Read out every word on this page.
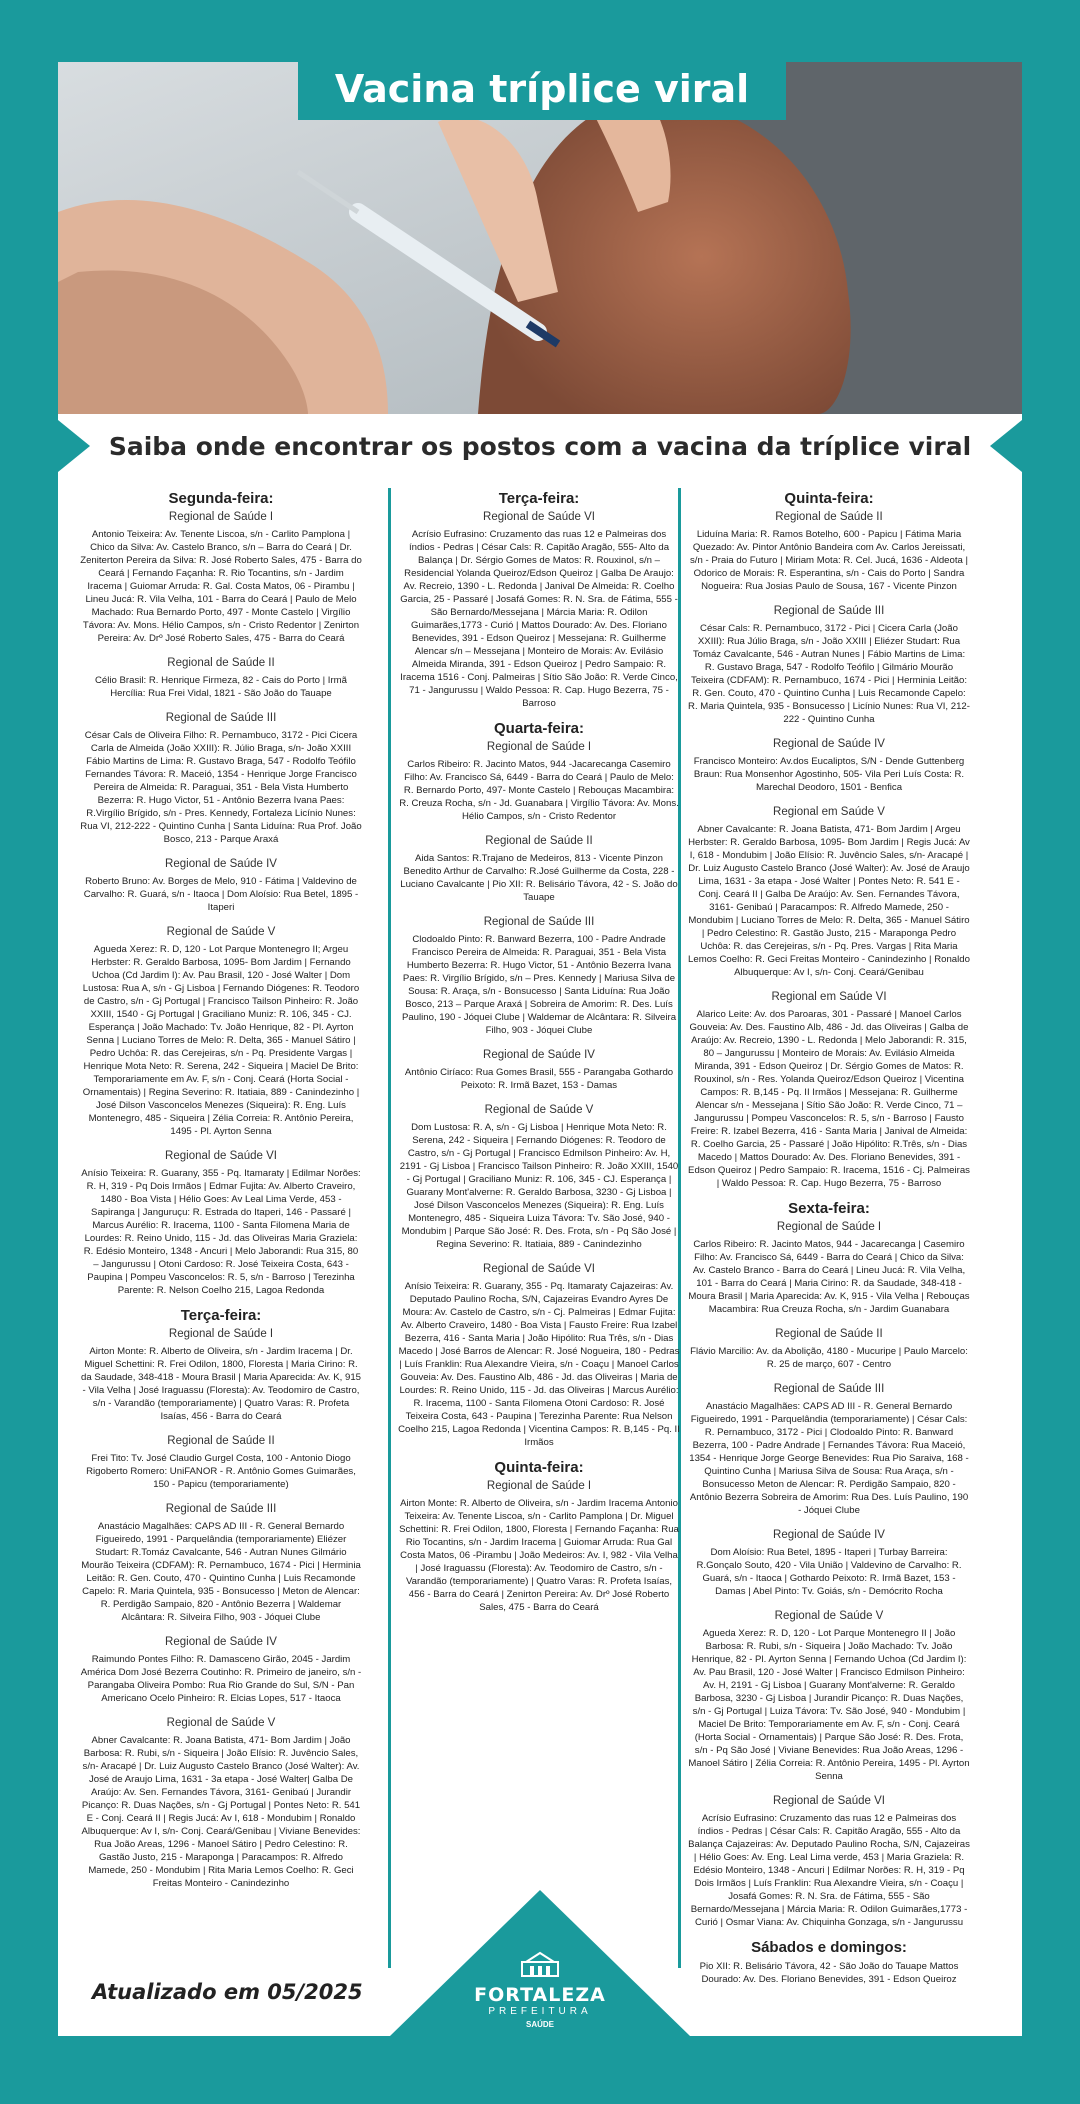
Vacina tríplice viral
Saiba onde encontrar os postos com a vacina da tríplice viral
Segunda-feira:
Regional de Saúde I
Antonio Teixeira: Av. Tenente Liscoa, s/n - Carlito Pamplona | Chico da Silva: Av. Castelo Branco, s/n – Barra do Ceará | Dr. Zeniterton Pereira da Silva: R. José Roberto Sales, 475 - Barra do Ceará | Fernando Façanha: R. Rio Tocantins, s/n - Jardim Iracema | Guiomar Arruda: R. Gal. Costa Matos, 06 - Pirambu | Lineu Jucá: R. Vila Velha, 101 - Barra do Ceará | Paulo de Melo Machado: Rua Bernardo Porto, 497 - Monte Castelo | Virgílio Távora: Av. Mons. Hélio Campos, s/n - Cristo Redentor | Zenirton Pereira: Av. Drº José Roberto Sales, 475 - Barra do Ceará
Regional de Saúde II
Célio Brasil: R. Henrique Firmeza, 82 - Cais do Porto | Irmã Hercília: Rua Frei Vidal, 1821 - São João do Tauape
Regional de Saúde III
César Cals de Oliveira Filho: R. Pernambuco, 3172 - Pici Cicera Carla de Almeida (João XXIII): R. Júlio Braga, s/n- João XXIII Fábio Martins de Lima: R. Gustavo Braga, 547 - Rodolfo Teófilo Fernandes Távora: R. Maceió, 1354 - Henrique Jorge Francisco Pereira de Almeida: R. Paraguai, 351 - Bela Vista Humberto Bezerra: R. Hugo Victor, 51 - Antônio Bezerra Ivana Paes: R.Virgílio Brígido, s/n - Pres. Kennedy, Fortaleza Licínio Nunes: Rua VI, 212-222 - Quintino Cunha | Santa Liduína: Rua Prof. João Bosco, 213 - Parque Araxá
Regional de Saúde IV
Roberto Bruno: Av. Borges de Melo, 910 - Fátima | Valdevino de Carvalho: R. Guará, s/n - Itaoca | Dom Aloísio: Rua Betel, 1895 - Itaperi
Regional de Saúde V
Agueda Xerez: R. D, 120 - Lot Parque Montenegro II; Argeu Herbster: R. Geraldo Barbosa, 1095- Bom Jardim | Fernando Uchoa (Cd Jardim I): Av. Pau Brasil, 120 - José Walter | Dom Lustosa: Rua A, s/n - Gj Lisboa | Fernando Diógenes: R. Teodoro de Castro, s/n - Gj Portugal | Francisco Tailson Pinheiro: R. João XXIII, 1540 - Gj Portugal | Graciliano Muniz: R. 106, 345 - CJ. Esperança | João Machado: Tv. João Henrique, 82 - Pl. Ayrton Senna | Luciano Torres de Melo: R. Delta, 365 - Manuel Sátiro | Pedro Uchôa: R. das Cerejeiras, s/n - Pq. Presidente Vargas | Henrique Mota Neto: R. Serena, 242 - Siqueira | Maciel De Brito: Temporariamente em Av. F, s/n - Conj. Ceará (Horta Social - Ornamentais) | Regina Severino: R. Itatiaia, 889 - Canindezinho | José Dilson Vasconcelos Menezes (Siqueira): R. Eng. Luís Montenegro, 485 - Siqueira | Zélia Correia: R. Antônio Pereira, 1495 - Pl. Ayrton Senna
Regional de Saúde VI
Anísio Teixeira: R. Guarany, 355 - Pq. Itamaraty | Edilmar Norões: R. H, 319 - Pq Dois Irmãos | Edmar Fujita: Av. Alberto Craveiro, 1480 - Boa Vista | Hélio Goes: Av Leal Lima Verde, 453 - Sapiranga | Janguruçu: R. Estrada do Itaperi, 146 - Passaré | Marcus Aurélio: R. Iracema, 1100 - Santa Filomena Maria de Lourdes: R. Reino Unido, 115 - Jd. das Oliveiras Maria Graziela: R. Edésio Monteiro, 1348 - Ancuri | Melo Jaborandi: Rua 315, 80 – Jangurussu | Otoni Cardoso: R. José Teixeira Costa, 643 - Paupina | Pompeu Vasconcelos: R. 5, s/n - Barroso | Terezinha Parente: R. Nelson Coelho 215, Lagoa Redonda
Terça-feira:
Regional de Saúde I
Airton Monte: R. Alberto de Oliveira, s/n - Jardim Iracema | Dr. Miguel Schettini: R. Frei Odilon, 1800, Floresta | Maria Cirino: R. da Saudade, 348-418 - Moura Brasil | Maria Aparecida: Av. K, 915 - Vila Velha | José Iraguassu (Floresta): Av. Teodomiro de Castro, s/n - Varandão (temporariamente) | Quatro Varas: R. Profeta Isaías, 456 - Barra do Ceará
Regional de Saúde II
Frei Tito: Tv. José Claudio Gurgel Costa, 100 - Antonio Diogo Rigoberto Romero: UniFANOR - R. Antônio Gomes Guimarães, 150 - Papicu (temporariamente)
Regional de Saúde III
Anastácio Magalhães: CAPS AD III - R. General Bernardo Figueiredo, 1991 - Parquelândia (temporariamente) Eliézer Studart: R.Tomáz Cavalcante, 546 - Autran Nunes Gilmário Mourão Teixeira (CDFAM): R. Pernambuco, 1674 - Pici | Herminia Leitão: R. Gen. Couto, 470 - Quintino Cunha | Luis Recamonde Capelo: R. Maria Quintela, 935 - Bonsucesso | Meton de Alencar: R. Perdigão Sampaio, 820 - Antônio Bezerra | Waldemar Alcântara: R. Silveira Filho, 903 - Jóquei Clube
Regional de Saúde IV
Raimundo Pontes Filho: R. Damasceno Girão, 2045 - Jardim América Dom José Bezerra Coutinho: R. Primeiro de janeiro, s/n - Parangaba Oliveira Pombo: Rua Rio Grande do Sul, S/N - Pan Americano Ocelo Pinheiro: R. Elcias Lopes, 517 - Itaoca
Regional de Saúde V
Abner Cavalcante: R. Joana Batista, 471- Bom Jardim | João Barbosa: R. Rubi, s/n - Siqueira | João Elísio: R. Juvêncio Sales, s/n- Aracapé | Dr. Luiz Augusto Castelo Branco (José Walter): Av. José de Araujo Lima, 1631 - 3a etapa - José Walter| Galba De Araújo: Av. Sen. Fernandes Távora, 3161- Genibaú | Jurandir Picanço: R. Duas Nações, s/n - Gj Portugal | Pontes Neto: R. 541 E - Conj. Ceará II | Regis Jucá: Av I, 618 - Mondubim | Ronaldo Albuquerque: Av I, s/n- Conj. Ceará/Genibau | Viviane Benevides: Rua João Areas, 1296 - Manoel Sátiro | Pedro Celestino: R. Gastão Justo, 215 - Maraponga | Paracampos: R. Alfredo Mamede, 250 - Mondubim | Rita Maria Lemos Coelho: R. Geci Freitas Monteiro - Canindezinho
Terça-feira:
Regional de Saúde VI
Acrísio Eufrasino: Cruzamento das ruas 12 e Palmeiras dos índios - Pedras | César Cals: R. Capitão Aragão, 555- Alto da Balança | Dr. Sérgio Gomes de Matos: R. Rouxinol, s/n – Residencial Yolanda Queiroz/Edson Queiroz | Galba De Araujo: Av. Recreio, 1390 - L. Redonda | Janival De Almeida: R. Coelho Garcia, 25 - Passaré | Josafá Gomes: R. N. Sra. de Fátima, 555 - São Bernardo/Messejana | Márcia Maria: R. Odilon Guimarães,1773 - Curió | Mattos Dourado: Av. Des. Floriano Benevides, 391 - Edson Queiroz | Messejana: R. Guilherme Alencar s/n – Messejana | Monteiro de Morais: Av. Evilásio Almeida Miranda, 391 - Edson Queiroz | Pedro Sampaio: R. Iracema 1516 - Conj. Palmeiras | Sítio São João: R. Verde Cinco, 71 - Jangurussu | Waldo Pessoa: R. Cap. Hugo Bezerra, 75 - Barroso
Quarta-feira:
Regional de Saúde I
Carlos Ribeiro: R. Jacinto Matos, 944 -Jacarecanga Casemiro Filho: Av. Francisco Sá, 6449 - Barra do Ceará | Paulo de Melo: R. Bernardo Porto, 497- Monte Castelo | Rebouças Macambira: R. Creuza Rocha, s/n - Jd. Guanabara | Virgílio Távora: Av. Mons. Hélio Campos, s/n - Cristo Redentor
Regional de Saúde II
Aida Santos: R.Trajano de Medeiros, 813 - Vicente Pinzon Benedito Arthur de Carvalho: R.José Guilherme da Costa, 228 - Luciano Cavalcante | Pio XII: R. Belisário Távora, 42 - S. João do Tauape
Regional de Saúde III
Clodoaldo Pinto: R. Banward Bezerra, 100 - Padre Andrade Francisco Pereira de Almeida: R. Paraguai, 351 - Bela Vista Humberto Bezerra: R. Hugo Victor, 51 - Antônio Bezerra Ivana Paes: R. Virgílio Brígido, s/n – Pres. Kennedy | Mariusa Silva de Sousa: R. Araça, s/n - Bonsucesso | Santa Liduína: Rua João Bosco, 213 – Parque Araxá | Sobreira de Amorim: R. Des. Luís Paulino, 190 - Jóquei Clube | Waldemar de Alcântara: R. Silveira Filho, 903 - Jóquei Clube
Regional de Saúde IV
Antônio Ciríaco: Rua Gomes Brasil, 555 - Parangaba Gothardo Peixoto: R. Irmã Bazet, 153 - Damas
Regional de Saúde V
Dom Lustosa: R. A, s/n - Gj Lisboa | Henrique Mota Neto: R. Serena, 242 - Siqueira | Fernando Diógenes: R. Teodoro de Castro, s/n - Gj Portugal | Francisco Edmilson Pinheiro: Av. H, 2191 - Gj Lisboa | Francisco Tailson Pinheiro: R. João XXIII, 1540 - Gj Portugal | Graciliano Muniz: R. 106, 345 - CJ. Esperança | Guarany Mont'alverne: R. Geraldo Barbosa, 3230 - Gj Lisboa | José Dilson Vasconcelos Menezes (Siqueira): R. Eng. Luís Montenegro, 485 - Siqueira Luiza Távora: Tv. São José, 940 - Mondubim | Parque São José: R. Des. Frota, s/n - Pq São José | Regina Severino: R. Itatiaia, 889 - Canindezinho
Regional de Saúde VI
Anísio Teixeira: R. Guarany, 355 - Pq. Itamaraty Cajazeiras: Av. Deputado Paulino Rocha, S/N, Cajazeiras Evandro Ayres De Moura: Av. Castelo de Castro, s/n - Cj. Palmeiras | Edmar Fujita: Av. Alberto Craveiro, 1480 - Boa Vista | Fausto Freire: Rua Izabel Bezerra, 416 - Santa Maria | João Hipólito: Rua Três, s/n - Dias Macedo | José Barros de Alencar: R. José Nogueira, 180 - Pedras | Luís Franklin: Rua Alexandre Vieira, s/n - Coaçu | Manoel Carlos Gouveia: Av. Des. Faustino Alb, 486 - Jd. das Oliveiras | Maria de Lourdes: R. Reino Unido, 115 - Jd. das Oliveiras | Marcus Aurélio: R. Iracema, 1100 - Santa Filomena Otoni Cardoso: R. José Teixeira Costa, 643 - Paupina | Terezinha Parente: Rua Nelson Coelho 215, Lagoa Redonda | Vicentina Campos: R. B,145 - Pq. II Irmãos
Quinta-feira:
Regional de Saúde I
Airton Monte: R. Alberto de Oliveira, s/n - Jardim Iracema Antonio Teixeira: Av. Tenente Liscoa, s/n - Carlito Pamplona | Dr. Miguel Schettini: R. Frei Odilon, 1800, Floresta | Fernando Façanha: Rua Rio Tocantins, s/n - Jardim Iracema | Guiomar Arruda: Rua Gal Costa Matos, 06 -Pirambu | João Medeiros: Av. I, 982 - Vila Velha | José Iraguassu (Floresta): Av. Teodomiro de Castro, s/n - Varandão (temporariamente) | Quatro Varas: R. Profeta Isaías, 456 - Barra do Ceará | Zenirton Pereira: Av. Drº José Roberto Sales, 475 - Barra do Ceará
Quinta-feira:
Regional de Saúde II
Liduína Maria: R. Ramos Botelho, 600 - Papicu | Fátima Maria Quezado: Av. Pintor Antônio Bandeira com Av. Carlos Jereissati, s/n - Praia do Futuro | Miriam Mota: R. Cel. Jucá, 1636 - Aldeota | Odorico de Morais: R. Esperantina, s/n - Cais do Porto | Sandra Nogueira: Rua Josias Paulo de Sousa, 167 - Vicente Pinzon
Regional de Saúde III
César Cals: R. Pernambuco, 3172 - Pici | Cicera Carla (João XXIII): Rua Júlio Braga, s/n - João XXIII | Eliézer Studart: Rua Tomáz Cavalcante, 546 - Autran Nunes | Fábio Martins de Lima: R. Gustavo Braga, 547 - Rodolfo Teófilo | Gilmário Mourão Teixeira (CDFAM): R. Pernambuco, 1674 - Pici | Herminia Leitão: R. Gen. Couto, 470 - Quintino Cunha | Luis Recamonde Capelo: R. Maria Quintela, 935 - Bonsucesso | Licínio Nunes: Rua VI, 212-222 - Quintino Cunha
Regional de Saúde IV
Francisco Monteiro: Av.dos Eucaliptos, S/N - Dende Guttenberg Braun: Rua Monsenhor Agostinho, 505- Vila Peri Luís Costa: R. Marechal Deodoro, 1501 - Benfica
Regional em Saúde V
Abner Cavalcante: R. Joana Batista, 471- Bom Jardim | Argeu Herbster: R. Geraldo Barbosa, 1095- Bom Jardim | Regis Jucá: Av I, 618 - Mondubim | João Elísio: R. Juvêncio Sales, s/n- Aracapé | Dr. Luiz Augusto Castelo Branco (José Walter): Av. José de Araujo Lima, 1631 - 3a etapa - José Walter | Pontes Neto: R. 541 E - Conj. Ceará II | Galba De Araújo: Av. Sen. Fernandes Távora, 3161- Genibaú | Paracampos: R. Alfredo Mamede, 250 - Mondubim | Luciano Torres de Melo: R. Delta, 365 - Manuel Sátiro | Pedro Celestino: R. Gastão Justo, 215 - Maraponga Pedro Uchôa: R. das Cerejeiras, s/n - Pq. Pres. Vargas | Rita Maria Lemos Coelho: R. Geci Freitas Monteiro - Canindezinho | Ronaldo Albuquerque: Av I, s/n- Conj. Ceará/Genibau
Regional em Saúde VI
Alarico Leite: Av. dos Paroaras, 301 - Passaré | Manoel Carlos Gouveia: Av. Des. Faustino Alb, 486 - Jd. das Oliveiras | Galba de Araújo: Av. Recreio, 1390 - L. Redonda | Melo Jaborandi: R. 315, 80 – Jangurussu | Monteiro de Morais: Av. Evilásio Almeida Miranda, 391 - Edson Queiroz | Dr. Sérgio Gomes de Matos: R. Rouxinol, s/n - Res. Yolanda Queiroz/Edson Queiroz | Vicentina Campos: R. B,145 - Pq. II Irmãos | Messejana: R. Guilherme Alencar s/n - Messejana | Sítio São João: R. Verde Cinco, 71 – Jangurussu | Pompeu Vasconcelos: R. 5, s/n - Barroso | Fausto Freire: R. Izabel Bezerra, 416 - Santa Maria | Janival de Almeida: R. Coelho Garcia, 25 - Passaré | João Hipólito: R.Três, s/n - Dias Macedo | Mattos Dourado: Av. Des. Floriano Benevides, 391 - Edson Queiroz | Pedro Sampaio: R. Iracema, 1516 - Cj. Palmeiras | Waldo Pessoa: R. Cap. Hugo Bezerra, 75 - Barroso
Sexta-feira:
Regional de Saúde I
Carlos Ribeiro: R. Jacinto Matos, 944 - Jacarecanga | Casemiro Filho: Av. Francisco Sá, 6449 - Barra do Ceará | Chico da Silva: Av. Castelo Branco - Barra do Ceará | Lineu Jucá: R. Vila Velha, 101 - Barra do Ceará | Maria Cirino: R. da Saudade, 348-418 - Moura Brasil | Maria Aparecida: Av. K, 915 - Vila Velha | Rebouças Macambira: Rua Creuza Rocha, s/n - Jardim Guanabara
Regional de Saúde II
Flávio Marcilio: Av. da Abolição, 4180 - Mucuripe | Paulo Marcelo: R. 25 de março, 607 - Centro
Regional de Saúde III
Anastácio Magalhães: CAPS AD III - R. General Bernardo Figueiredo, 1991 - Parquelândia (temporariamente) | César Cals: R. Pernambuco, 3172 - Pici | Clodoaldo Pinto: R. Banward Bezerra, 100 - Padre Andrade | Fernandes Távora: Rua Maceió, 1354 - Henrique Jorge George Benevides: Rua Pio Saraiva, 168 - Quintino Cunha | Mariusa Silva de Sousa: Rua Araça, s/n - Bonsucesso Meton de Alencar: R. Perdigão Sampaio, 820 - Antônio Bezerra Sobreira de Amorim: Rua Des. Luís Paulino, 190 - Jóquei Clube
Regional de Saúde IV
Dom Aloísio: Rua Betel, 1895 - Itaperi | Turbay Barreira: R.Gonçalo Souto, 420 - Vila União | Valdevino de Carvalho: R. Guará, s/n - Itaoca | Gothardo Peixoto: R. Irmã Bazet, 153 - Damas | Abel Pinto: Tv. Goiás, s/n - Demócrito Rocha
Regional de Saúde V
Agueda Xerez: R. D, 120 - Lot Parque Montenegro II | João Barbosa: R. Rubi, s/n - Siqueira | João Machado: Tv. João Henrique, 82 - Pl. Ayrton Senna | Fernando Uchoa (Cd Jardim I): Av. Pau Brasil, 120 - José Walter | Francisco Edmilson Pinheiro: Av. H, 2191 - Gj Lisboa | Guarany Mont'alverne: R. Geraldo Barbosa, 3230 - Gj Lisboa | Jurandir Picanço: R. Duas Nações, s/n - Gj Portugal | Luiza Távora: Tv. São José, 940 - Mondubim | Maciel De Brito: Temporariamente em Av. F, s/n - Conj. Ceará (Horta Social - Ornamentais) | Parque São José: R. Des. Frota, s/n - Pq São José | Viviane Benevides: Rua João Areas, 1296 - Manoel Sátiro | Zélia Correia: R. Antônio Pereira, 1495 - Pl. Ayrton Senna
Regional de Saúde VI
Acrísio Eufrasino: Cruzamento das ruas 12 e Palmeiras dos índios - Pedras | César Cals: R. Capitão Aragão, 555 - Alto da Balança Cajazeiras: Av. Deputado Paulino Rocha, S/N, Cajazeiras | Hélio Goes: Av. Eng. Leal Lima verde, 453 | Maria Graziela: R. Edésio Monteiro, 1348 - Ancuri | Edilmar Norões: R. H, 319 - Pq Dois Irmãos | Luís Franklin: Rua Alexandre Vieira, s/n - Coaçu | Josafá Gomes: R. N. Sra. de Fátima, 555 - São Bernardo/Messejana | Márcia Maria: R. Odilon Guimarães,1773 - Curió | Osmar Viana: Av. Chiquinha Gonzaga, s/n - Jangurussu
Sábados e domingos:
Pio XII: R. Belisário Távora, 42 - São João do Tauape Mattos Dourado: Av. Des. Floriano Benevides, 391 - Edson Queiroz
Atualizado em 05/2025	FORTALEZA
PREFEITURA
SAÚDE
